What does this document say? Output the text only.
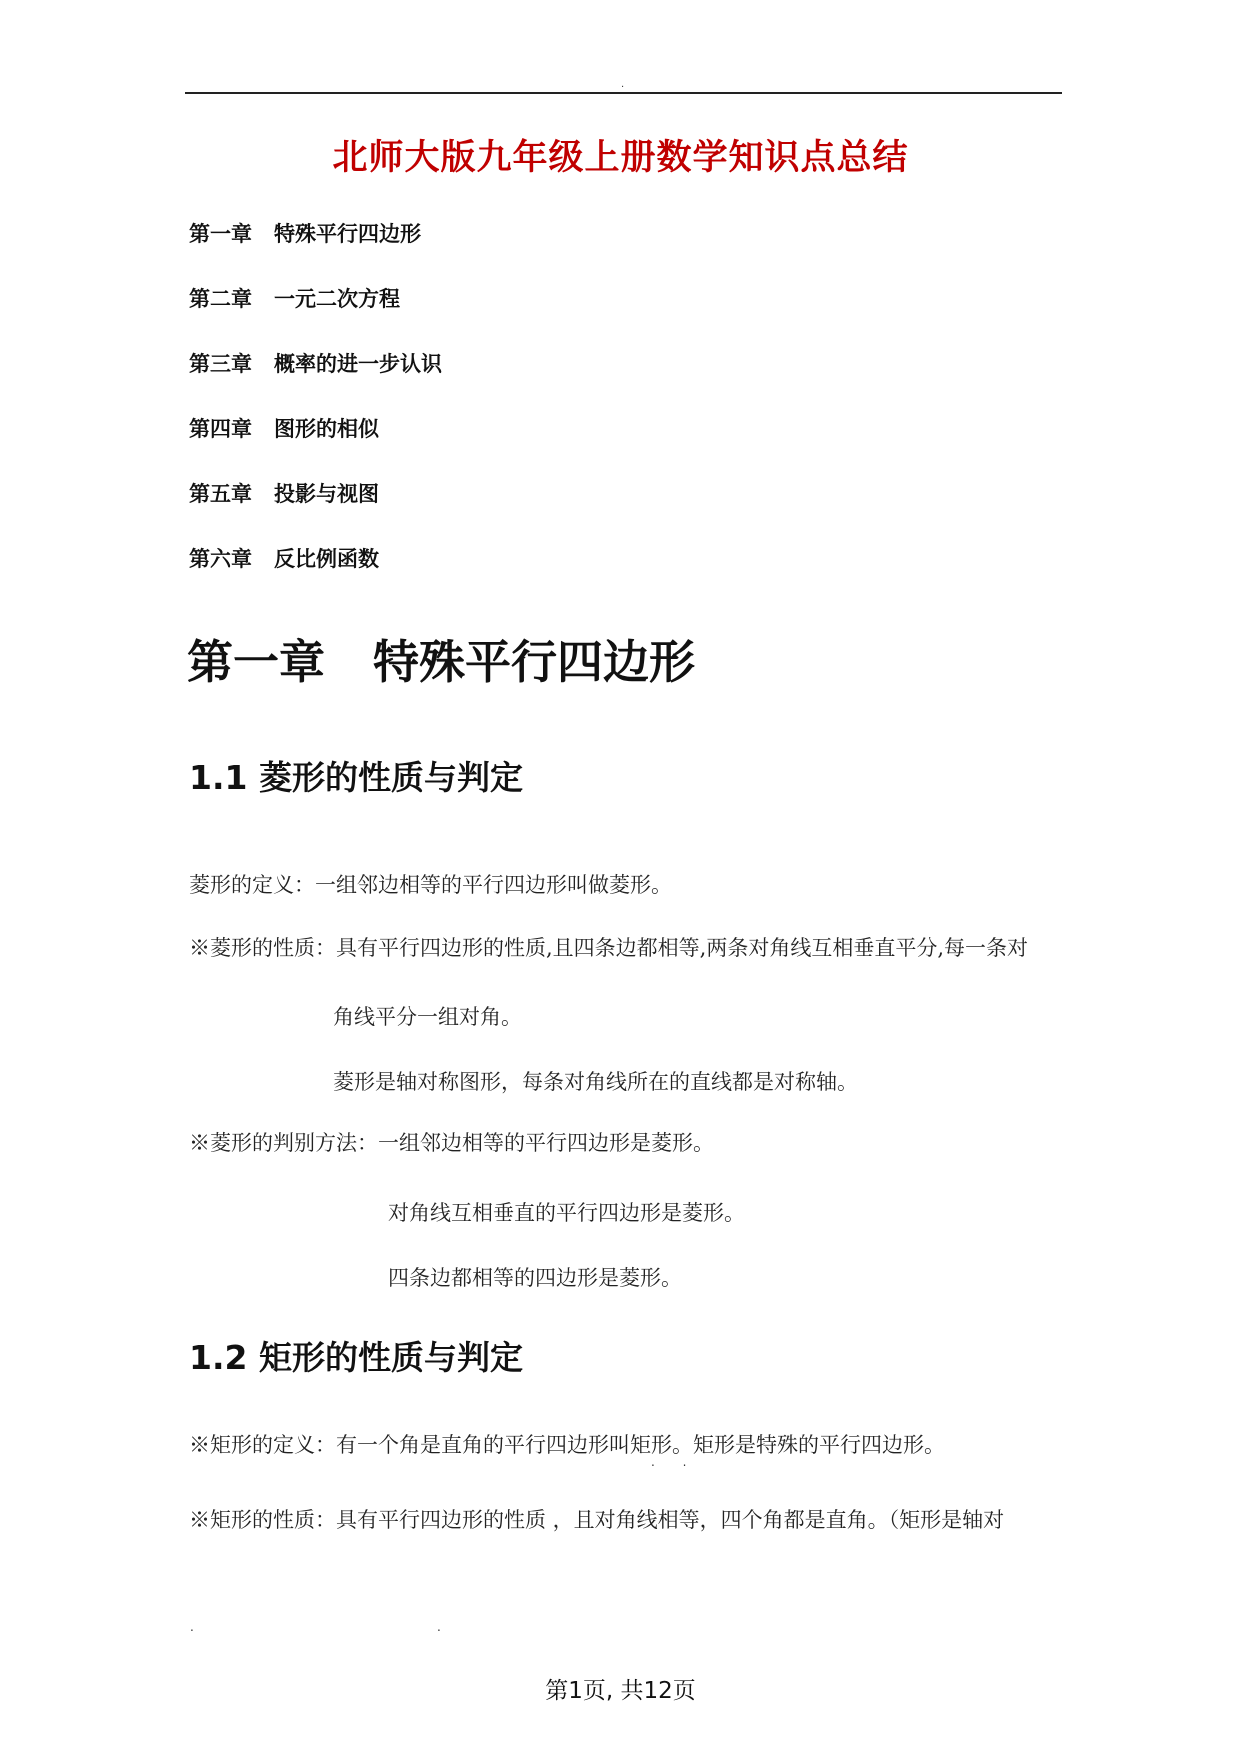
.
北师大版九年级上册数学知识点总结
第一章 特殊平行四边形
第二章 一元二次方程
第三章 概率的进一步认识
第四章 图形的相似
第五章 投影与视图
第六章 反比例函数
第一章 特殊平行四边形
1.1 菱形的性质与判定
菱形的定义：一组邻边相等的平行四边形叫做菱形。
※菱形的性质：具有平行四边形的性质,且四条边都相等,两条对角线互相垂直平分,每一条对
角线平分一组对角。
菱形是轴对称图形，每条对角线所在的直线都是对称轴。
※菱形的判别方法：一组邻边相等的平行四边形是菱形。
对角线互相垂直的平行四边形是菱形。
四条边都相等的四边形是菱形。
1.2 矩形的性质与判定
※矩形的定义：有一个角是直角的平行四边形叫矩形。矩形是特殊的平行四边形。
. .
※矩形的性质：具有平行四边形的性质 ，且对角线相等，四个角都是直角。（矩形是轴对
.	.
第1页, 共12页
